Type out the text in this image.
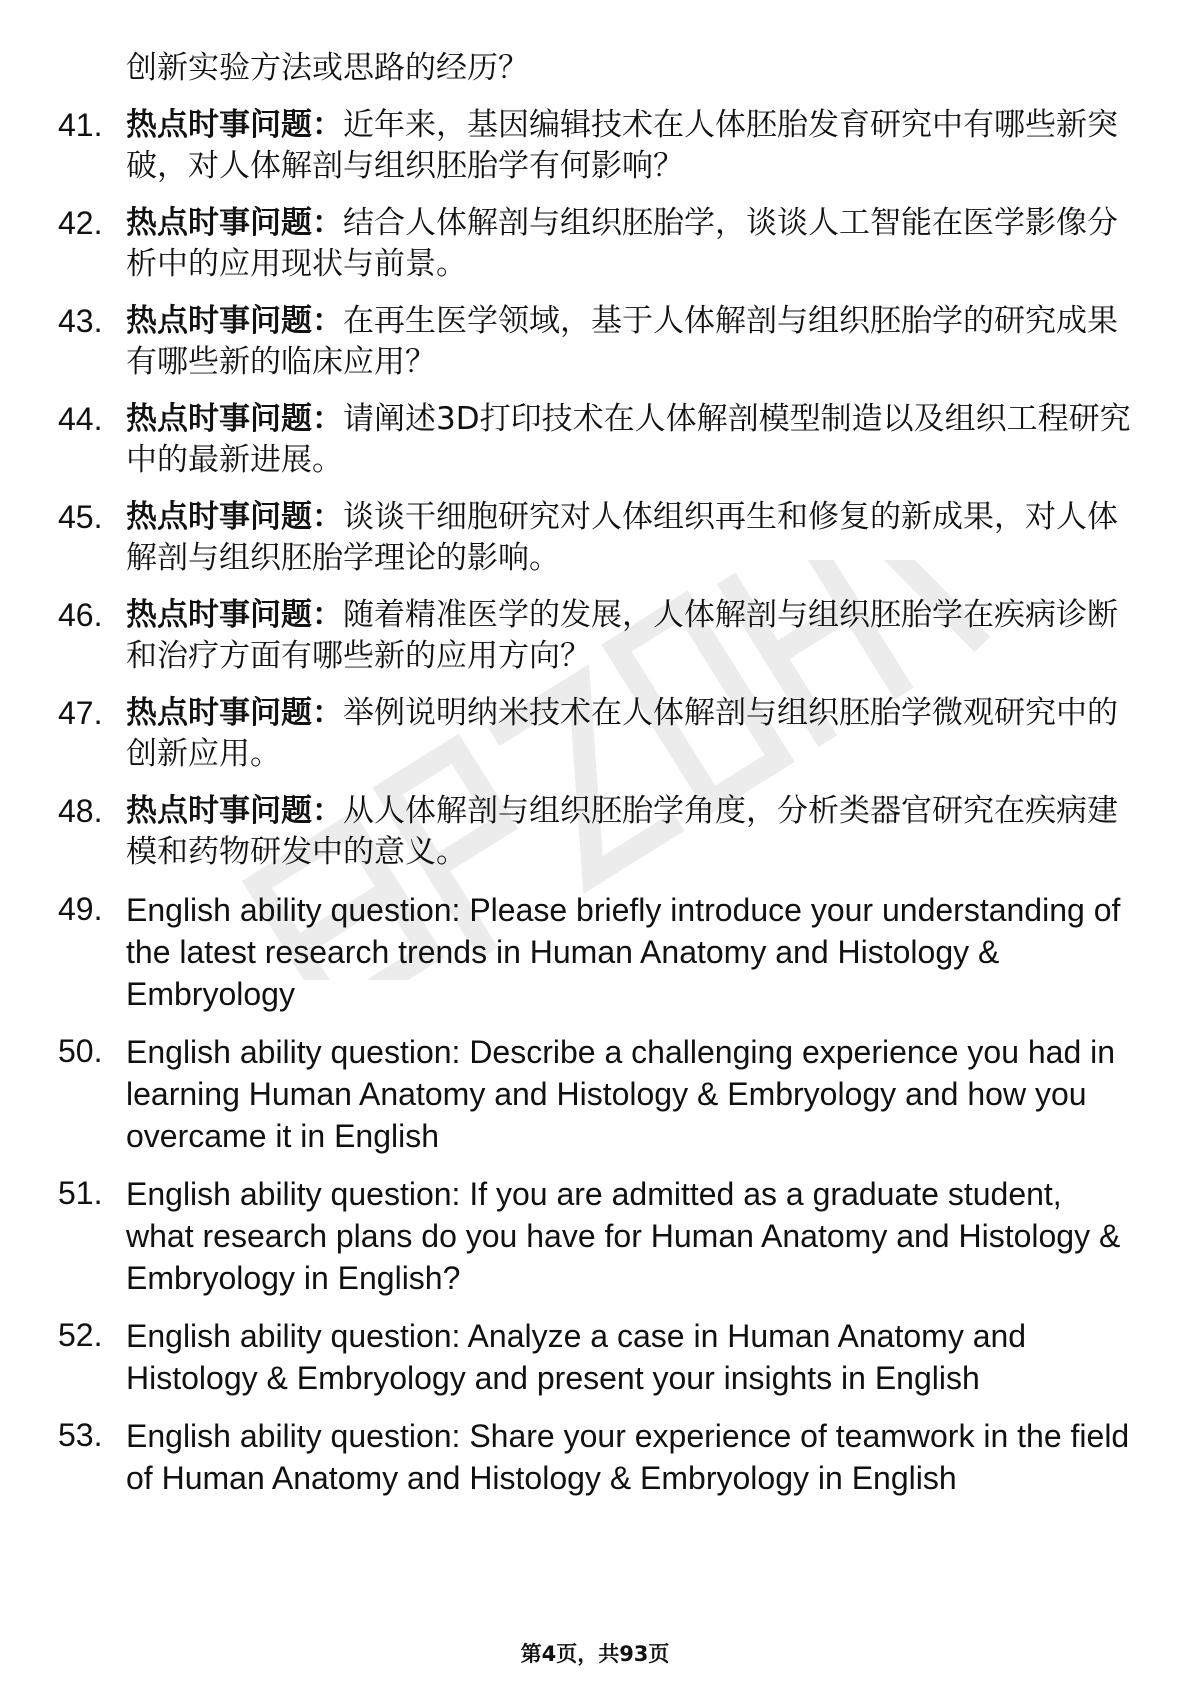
创新实验方法或思路的经历？
41. 热点时事问题：近年来，基因编辑技术在人体胚胎发育研究中有哪些新突破，对人体解剖与组织胚胎学有何影响？
42. 热点时事问题：结合人体解剖与组织胚胎学，谈谈人工智能在医学影像分析中的应用现状与前景。
43. 热点时事问题：在再生医学领域，基于人体解剖与组织胚胎学的研究成果有哪些新的临床应用？
44. 热点时事问题：请阐述3D打印技术在人体解剖模型制造以及组织工程研究中的最新进展。
45. 热点时事问题：谈谈干细胞研究对人体组织再生和修复的新成果，对人体解剖与组织胚胎学理论的影响。
46. 热点时事问题：随着精准医学的发展，人体解剖与组织胚胎学在疾病诊断和治疗方面有哪些新的应用方向？
47. 热点时事问题：举例说明纳米技术在人体解剖与组织胚胎学微观研究中的创新应用。
48. 热点时事问题：从人体解剖与组织胚胎学角度，分析类器官研究在疾病建模和药物研发中的意义。
49. English ability question: Please briefly introduce your understanding of the latest research trends in Human Anatomy and Histology & Embryology
50. English ability question: Describe a challenging experience you had in learning Human Anatomy and Histology & Embryology and how you overcame it in English
51. English ability question: If you are admitted as a graduate student, what research plans do you have for Human Anatomy and Histology & Embryology in English?
52. English ability question: Analyze a case in Human Anatomy and Histology & Embryology and present your insights in English
53. English ability question: Share your experience of teamwork in the field of Human Anatomy and Histology & Embryology in English
第4页，共93页
